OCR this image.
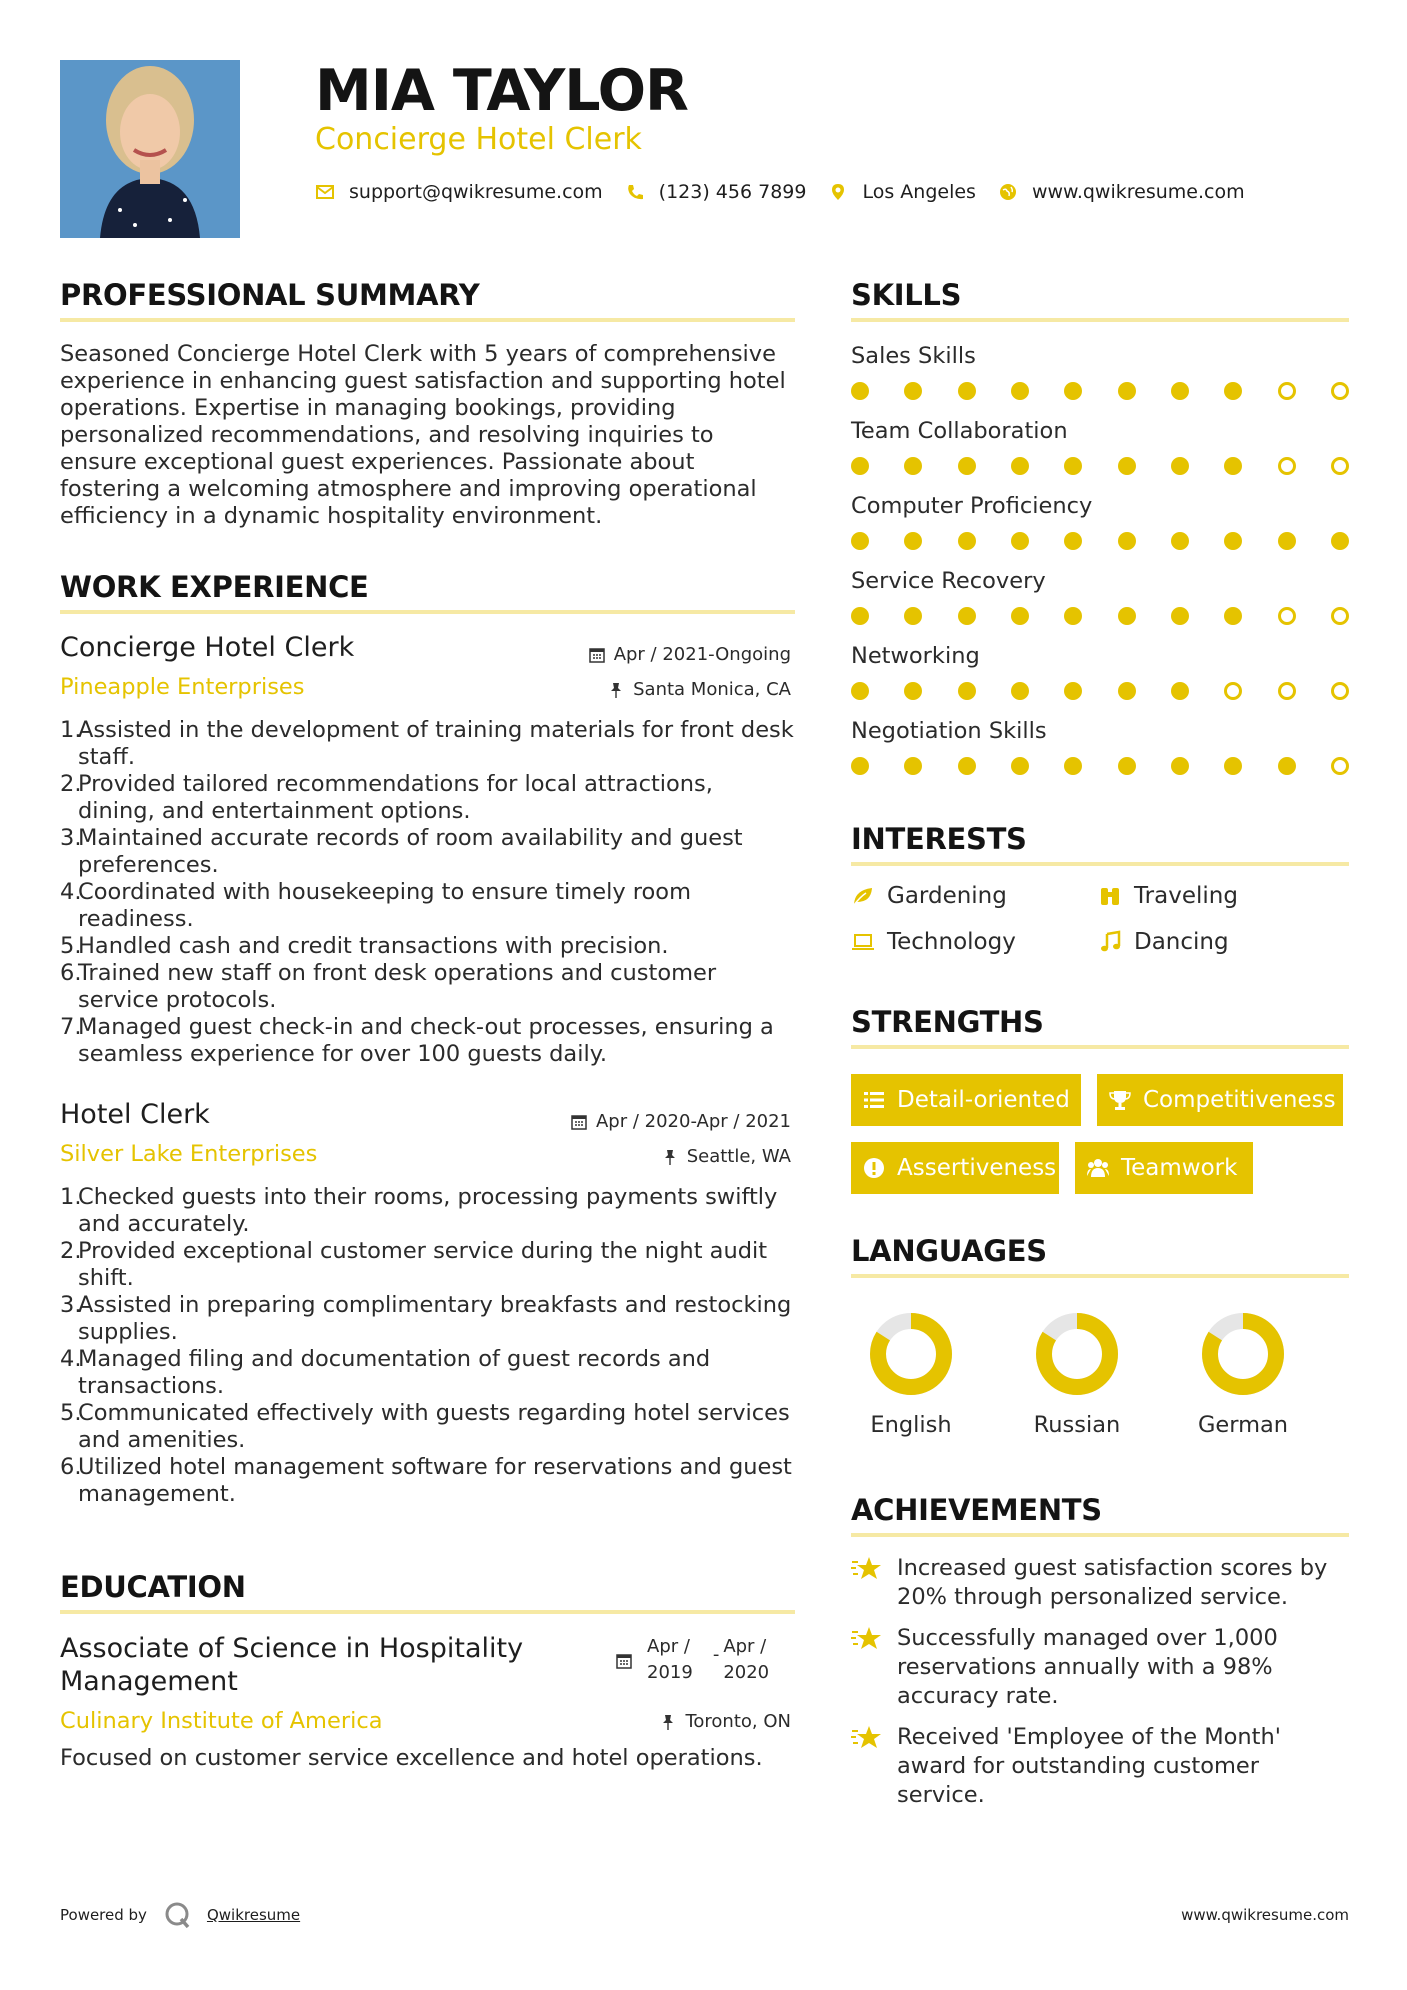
MIA TAYLOR
Concierge Hotel Clerk
support@qwikresume.com	(123) 456 7899	Los Angeles	www.qwikresume.com
PROFESSIONAL SUMMARY
Seasoned Concierge Hotel Clerk with 5 years of comprehensive experience in enhancing guest satisfaction and supporting hotel operations. Expertise in managing bookings, providing personalized recommendations, and resolving inquiries to ensure exceptional guest experiences. Passionate about fostering a welcoming atmosphere and improving operational efficiency in a dynamic hospitality environment.
WORK EXPERIENCE
Concierge Hotel Clerk
Pineapple Enterprises
Apr / 2021-Ongoing
Santa Monica, CA
1.
Assisted in the development of training materials for front desk staff.
2.
Provided tailored recommendations for local attractions, dining, and entertainment options.
3.
Maintained accurate records of room availability and guest preferences.
4.
Coordinated with housekeeping to ensure timely room readiness.
5.
Handled cash and credit transactions with precision.
6.
Trained new staff on front desk operations and customer service protocols.
7.
Managed guest check-in and check-out processes, ensuring a seamless experience for over 100 guests daily.
Hotel Clerk
Silver Lake Enterprises
Apr / 2020-Apr / 2021
Seattle, WA
1.
Checked guests into their rooms, processing payments swiftly and accurately.
2.
Provided exceptional customer service during the night audit shift.
3.
Assisted in preparing complimentary breakfasts and restocking supplies.
4.
Managed filing and documentation of guest records and transactions.
5.
Communicated effectively with guests regarding hotel services and amenities.
6.
Utilized hotel management software for reservations and guest management.
EDUCATION
Associate of Science in Hospitality Management
Apr /
2019
- Apr /
2020
Culinary Institute of America	Toronto, ON
Focused on customer service excellence and hotel operations.
SKILLS
Sales Skills
Team Collaboration
Computer Proficiency
Service Recovery
Networking
Negotiation Skills
INTERESTS
Gardening	Traveling
Technology	Dancing
STRENGTHS
Detail-oriented	Competitiveness
Assertiveness	Teamwork
LANGUAGES
English	Russian	German
ACHIEVEMENTS
Increased guest satisfaction scores by 20% through personalized service.
Successfully managed over 1,000 reservations annually with a 98% accuracy rate.
Received 'Employee of the Month' award for outstanding customer service.
Powered by	Qwikresume	www.qwikresume.com
